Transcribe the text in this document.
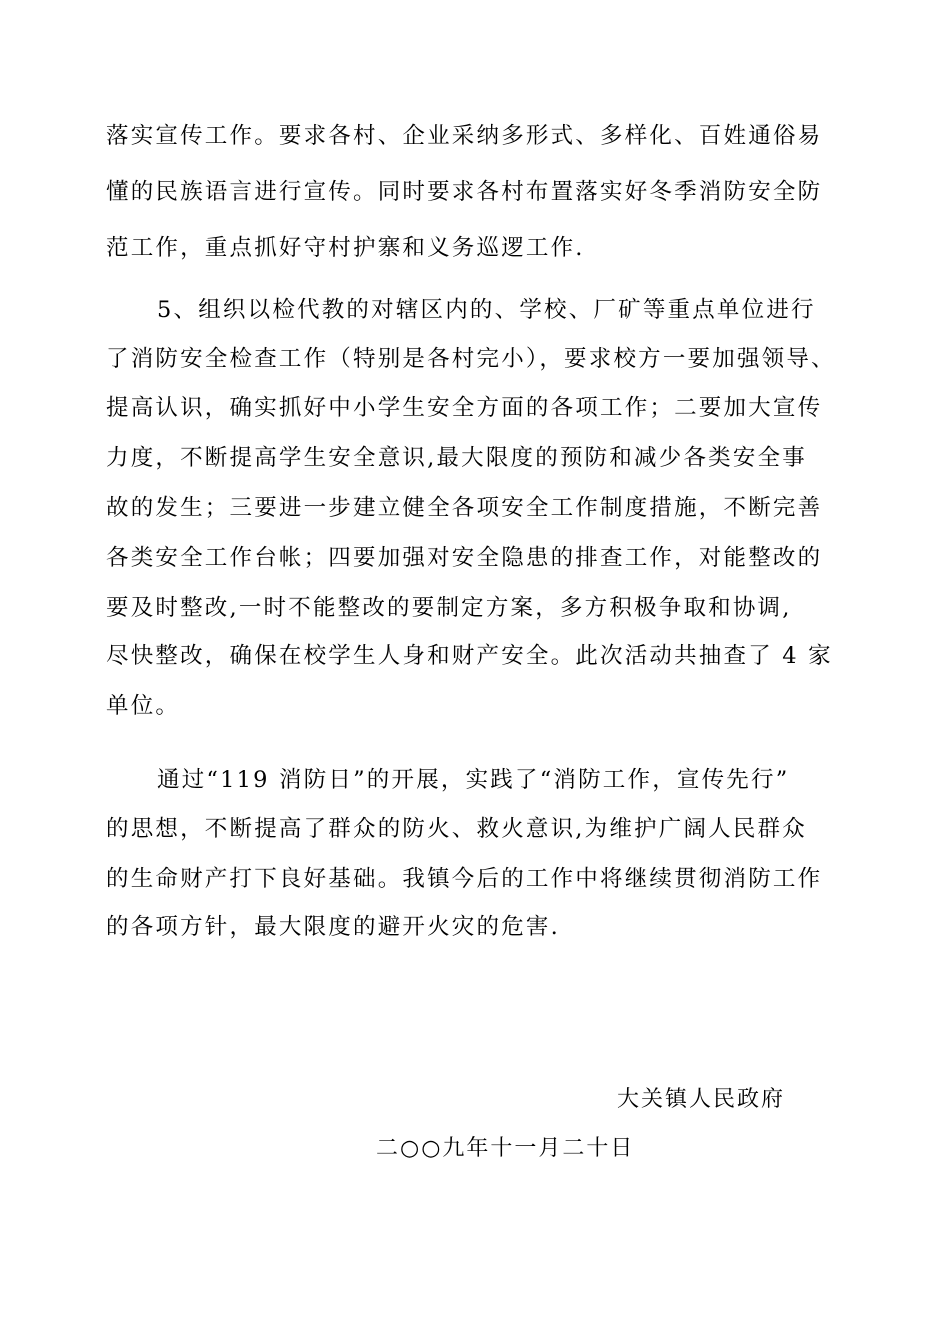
落实宣传工作。要求各村、企业采纳多形式、多样化、百姓通俗易
懂的民族语言进行宣传。同时要求各村布置落实好冬季消防安全防
范工作，重点抓好守村护寨和义务巡逻工作.
5、组织以检代教的对辖区内的、学校、厂矿等重点单位进行
了消防安全检查工作（特别是各村完小），要求校方一要加强领导、
提高认识，确实抓好中小学生安全方面的各项工作；二要加大宣传
力度，不断提高学生安全意识,最大限度的预防和减少各类安全事
故的发生；三要进一步建立健全各项安全工作制度措施，不断完善
各类安全工作台帐；四要加强对安全隐患的排查工作，对能整改的
要及时整改,一时不能整改的要制定方案，多方积极争取和协调,
尽快整改，确保在校学生人身和财产安全。此次活动共抽查了 4 家
单位。
通过“119 消防日”的开展，实践了“消防工作，宣传先行”
的思想，不断提高了群众的防火、救火意识,为维护广阔人民群众
的生命财产打下良好基础。我镇今后的工作中将继续贯彻消防工作
的各项方针，最大限度的避开火灾的危害.
大关镇人民政府
二○○九年十一月二十日
